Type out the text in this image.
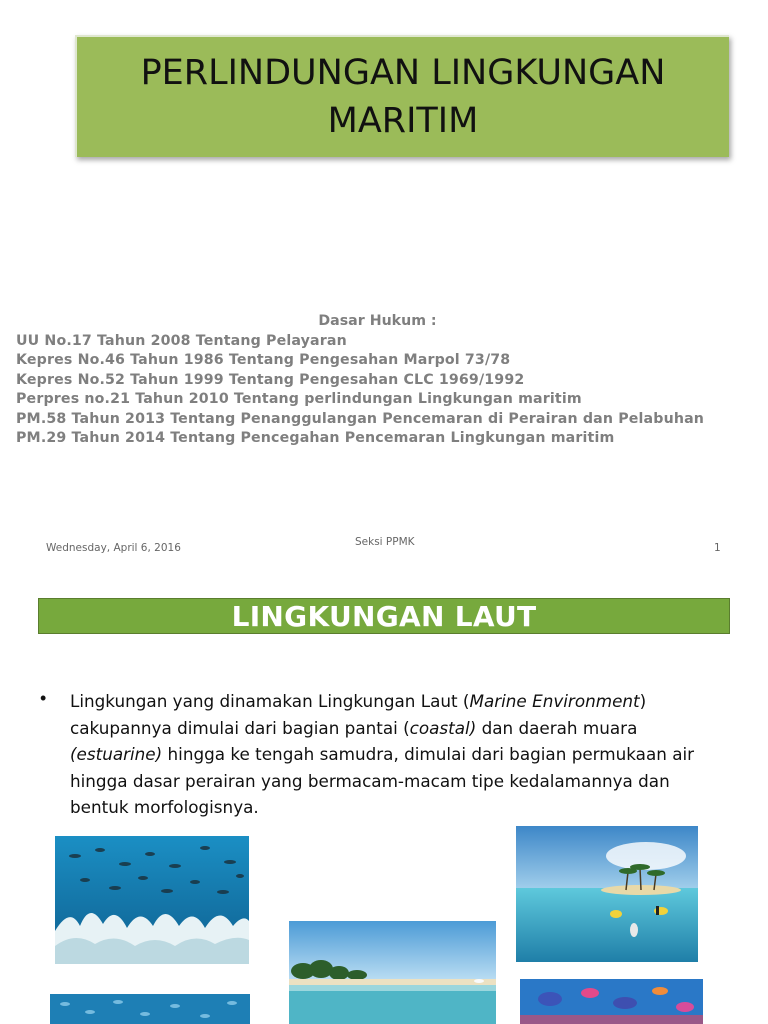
PERLINDUNGAN LINGKUNGAN
MARITIM
Dasar Hukum :
UU No.17 Tahun 2008 Tentang Pelayaran
Kepres No.46 Tahun 1986 Tentang Pengesahan Marpol 73/78
Kepres No.52 Tahun 1999 Tentang Pengesahan CLC 1969/1992
Perpres no.21 Tahun 2010 Tentang perlindungan Lingkungan maritim
PM.58 Tahun 2013 Tentang Penanggulangan Pencemaran di Perairan dan Pelabuhan
PM.29 Tahun 2014 Tentang Pencegahan Pencemaran Lingkungan maritim
Wednesday, April 6, 2016	Seksi PPMK	1
LINGKUNGAN LAUT
• Lingkungan yang dinamakan Lingkungan Laut (Marine Environment) cakupannya dimulai dari bagian pantai (coastal) dan daerah muara (estuarine) hingga ke tengah samudra, dimulai dari bagian permukaan air hingga dasar perairan yang bermacam-macam tipe kedalamannya dan bentuk morfologisnya.
